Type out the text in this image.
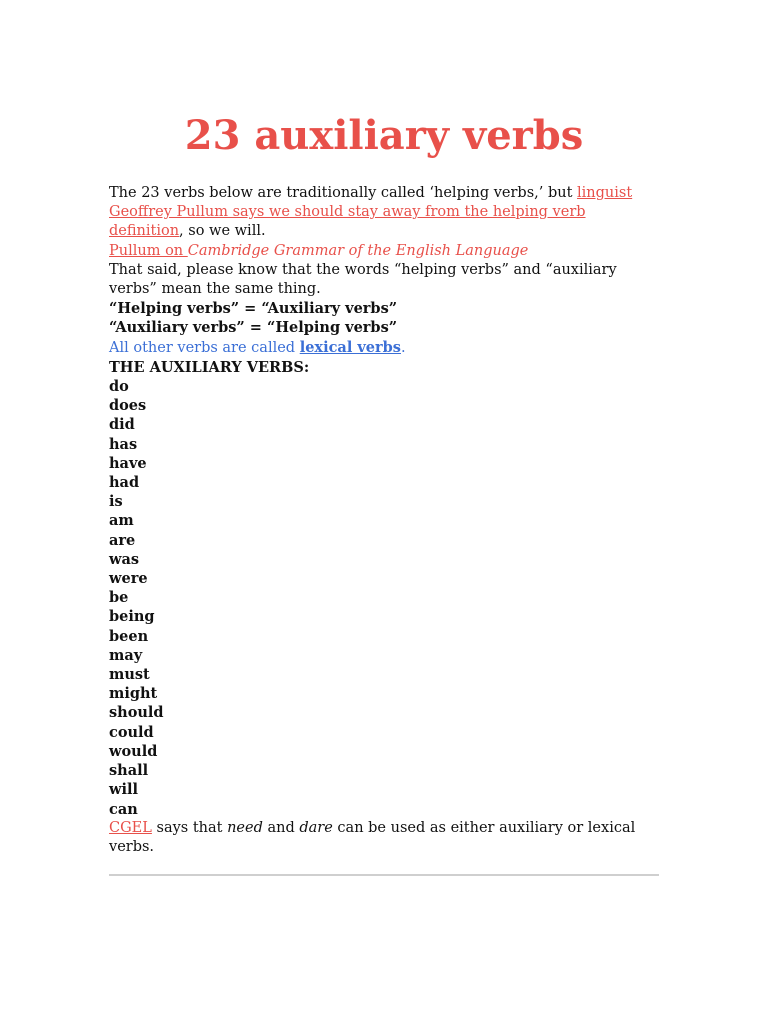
23 auxiliary verbs
The 23 verbs below are traditionally called ‘helping verbs,’ but linguist
Geoffrey Pullum says we should stay away from the helping verb
definition, so we will.
Pullum on Cambridge Grammar of the English Language
That said, please know that the words “helping verbs” and “auxiliary
verbs” mean the same thing.
“Helping verbs” = “Auxiliary verbs”
“Auxiliary verbs” = “Helping verbs”
All other verbs are called lexical verbs.
THE AUXILIARY VERBS:
do
does
did
has
have
had
is
am
are
was
were
be
being
been
may
must
might
should
could
would
shall
will
can
CGEL says that need and dare can be used as either auxiliary or lexical
verbs.
